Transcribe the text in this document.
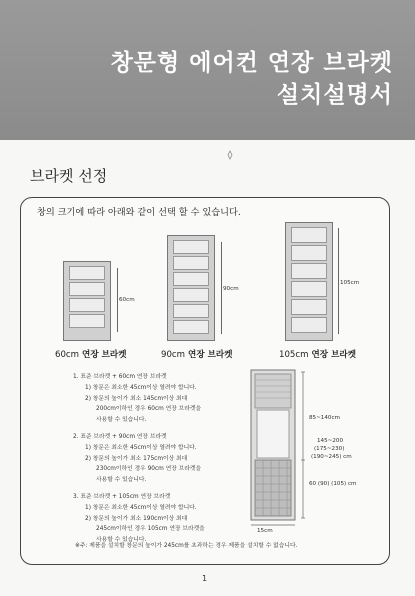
창문형 에어컨 연장 브라켓
설치설명서
브라켓 선정
창의 크기에 따라 아래와 같이 선택 할 수 있습니다.
60cm
60cm 연장 브라켓
90cm
90cm 연장 브라켓
105cm
105cm 연장 브라켓
1. 표준 브라켓 + 60cm 연장 브라켓
1) 창문은 최소한 45cm이상 열려야 합니다.
2) 창문의 높이가 최소 145cm이상 최대
200cm이하인 경우 60cm 연장 브라켓을
사용할 수 있습니다.
2. 표준 브라켓 + 90cm 연장 브라켓
1) 창문은 최소한 45cm이상 열려야 합니다.
2) 창문의 높이가 최소 175cm이상 최대
230cm이하인 경우 90cm 연장 브라켓을
사용할 수 있습니다.
3. 표준 브라켓 + 105cm 연장 브라켓
1) 창문은 최소한 45cm이상 열려야 합니다.
2) 창문의 높이가 최소 190cm이상 최대
245cm이하인 경우 105cm 연장 브라켓을
사용할 수 있습니다.
85~140cm
145~200
(175~230)
(190~245) cm
60 (90) (105) cm
15cm
※주: 제품을 설치할 창문의 높이가 245cm를 초과하는 경우 제품을 설치할 수 없습니다.
1
